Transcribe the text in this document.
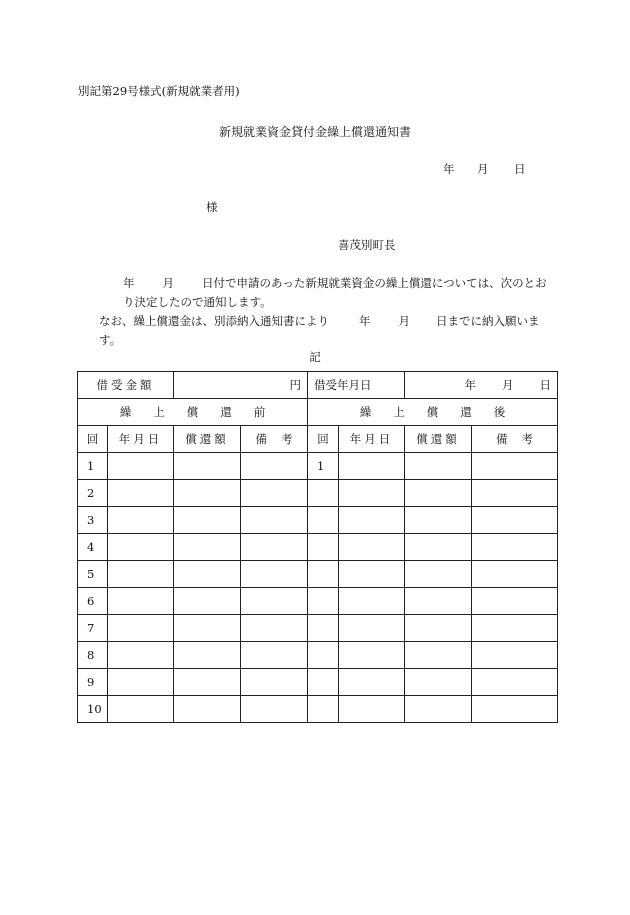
別記第29号様式(新規就業者用)
新規就業資金貸付金繰上償還通知書
年 月 日
様
喜茂別町長

年 月 日付で申請のあった新規就業資金の繰上償還については、次のとおり決定したので通知します。

なお、繰上償還金は、別添納入通知書により	年 月 日までに納入願います。

記
借受金額		円		借受年月日		年 月 日	
繰上償還前				繰上償還後			
回	年月日	償還額	備考	回	年月日	償還額	備考
1				1			
2							
3							
4							
5							
6							
7							
8							
9							
10							
